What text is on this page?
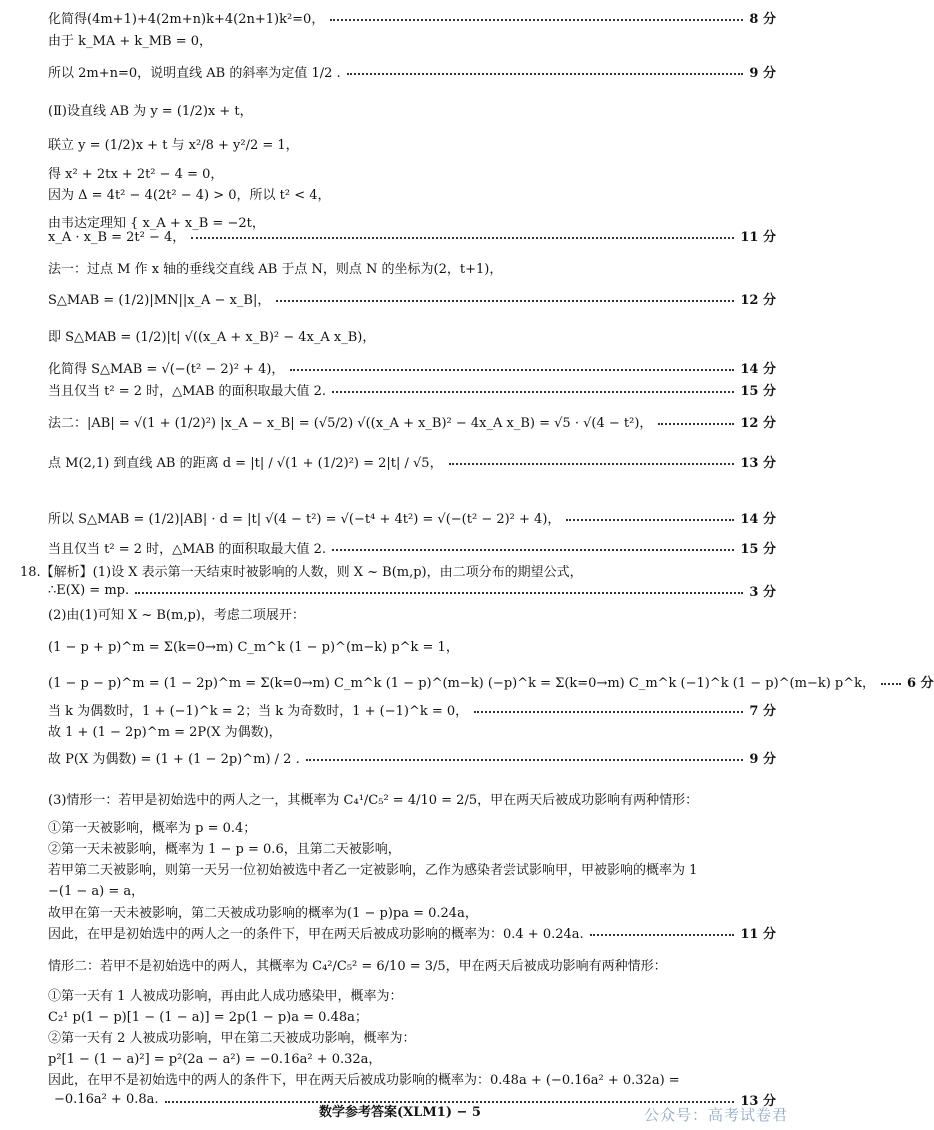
化简得(4m+1)+4(2m+n)k+4(2n+1)k²=0，	8 分
由于 k_MA + k_MB = 0，
所以 2m+n=0，说明直线 AB 的斜率为定值 1/2 .	9 分
(Ⅱ)设直线 AB 为 y = (1/2)x + t，
联立 y = (1/2)x + t 与 x²/8 + y²/2 = 1，
得 x² + 2tx + 2t² − 4 = 0，
因为 Δ = 4t² − 4(2t² − 4) > 0，所以 t² < 4，
由韦达定理知 { x_A + x_B = −2t，
x_A · x_B = 2t² − 4，	11 分
法一：过点 M 作 x 轴的垂线交直线 AB 于点 N，则点 N 的坐标为(2，t+1)，
S△MAB = (1/2)|MN||x_A − x_B|，	12 分
即 S△MAB = (1/2)|t| √((x_A + x_B)² − 4x_A x_B)，
化简得 S△MAB = √(−(t² − 2)² + 4)，	14 分
当且仅当 t² = 2 时，△MAB 的面积取最大值 2.	15 分
法二：|AB| = √(1 + (1/2)²) |x_A − x_B| = (√5/2) √((x_A + x_B)² − 4x_A x_B) = √5 · √(4 − t²)，	12 分
点 M(2,1) 到直线 AB 的距离 d = |t| / √(1 + (1/2)²) = 2|t| / √5，	13 分
所以 S△MAB = (1/2)|AB| · d = |t| √(4 − t²) = √(−t⁴ + 4t²) = √(−(t² − 2)² + 4)，	14 分
当且仅当 t² = 2 时，△MAB 的面积取最大值 2.	15 分
18.【解析】(1)设 X 表示第一天结束时被影响的人数，则 X ~ B(m,p)，由二项分布的期望公式，
∴E(X) = mp.	3 分
(2)由(1)可知 X ~ B(m,p)，考虑二项展开：
(1 − p + p)^m = Σ(k=0→m) C_m^k (1 − p)^(m−k) p^k = 1，
(1 − p − p)^m = (1 − 2p)^m = Σ(k=0→m) C_m^k (1 − p)^(m−k) (−p)^k = Σ(k=0→m) C_m^k (−1)^k (1 − p)^(m−k) p^k， 6 分
当 k 为偶数时，1 + (−1)^k = 2；当 k 为奇数时，1 + (−1)^k = 0，	7 分
故 1 + (1 − 2p)^m = 2P(X 为偶数)，
故 P(X 为偶数) = (1 + (1 − 2p)^m) / 2 .	9 分
(3)情形一：若甲是初始选中的两人之一，其概率为 C₄¹/C₅² = 4/10 = 2/5，甲在两天后被成功影响有两种情形：
①第一天被影响，概率为 p = 0.4；
②第一天未被影响，概率为 1 − p = 0.6，且第二天被影响，
若甲第二天被影响，则第一天另一位初始被选中者乙一定被影响，乙作为感染者尝试影响甲，甲被影响的概率为 1
−(1 − a) = a，
故甲在第一天未被影响，第二天被成功影响的概率为(1 − p)pa = 0.24a，
因此，在甲是初始选中的两人之一的条件下，甲在两天后被成功影响的概率为：0.4 + 0.24a.	11 分
情形二：若甲不是初始选中的两人，其概率为 C₄²/C₅² = 6/10 = 3/5，甲在两天后被成功影响有两种情形：
①第一天有 1 人被成功影响，再由此人成功感染甲，概率为：
C₂¹ p(1 − p)[1 − (1 − a)] = 2p(1 − p)a = 0.48a；
②第一天有 2 人被成功影响，甲在第二天被成功影响，概率为：
p²[1 − (1 − a)²] = p²(2a − a²) = −0.16a² + 0.32a，
因此，在甲不是初始选中的两人的条件下，甲在两天后被成功影响的概率为：0.48a + (−0.16a² + 0.32a) =
−0.16a² + 0.8a.	13 分
数学参考答案(XLM1) − 5	公众号：高考试卷君
